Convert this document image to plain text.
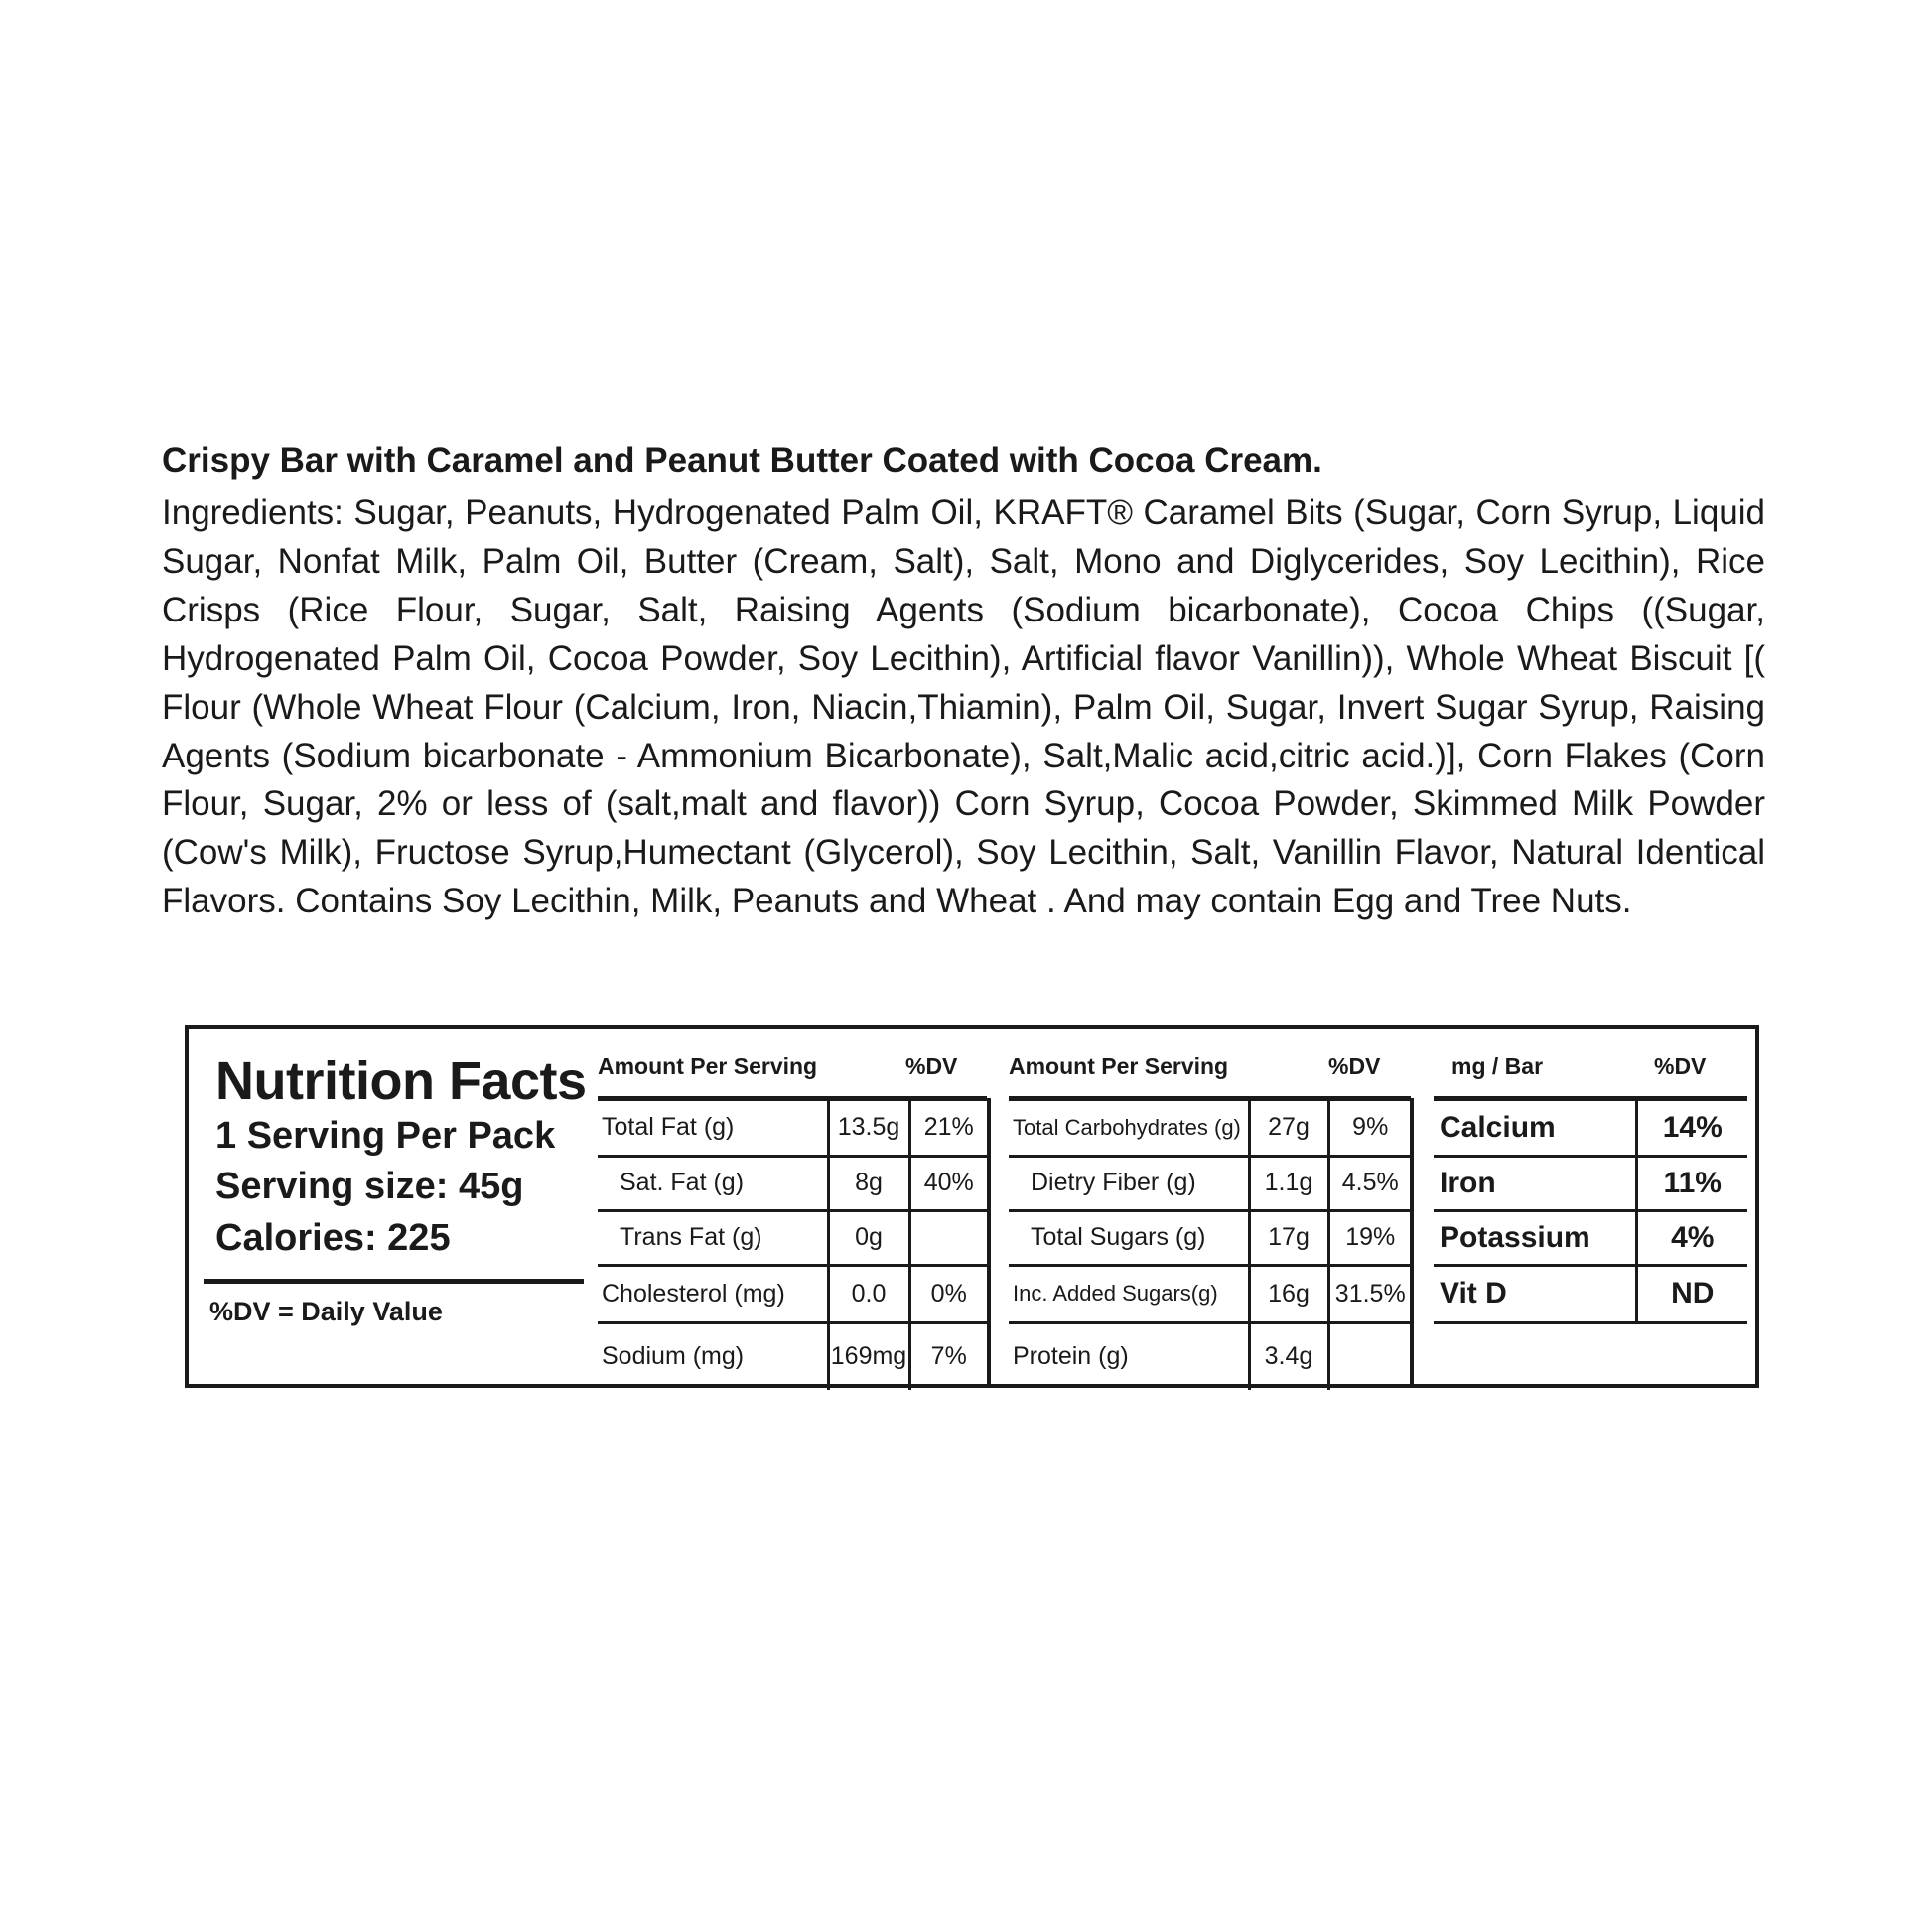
Crispy Bar with Caramel and Peanut Butter Coated with Cocoa Cream.
Ingredients: Sugar, Peanuts, Hydrogenated Palm Oil, KRAFT® Caramel Bits (Sugar, Corn Syrup, Liquid Sugar, Nonfat Milk, Palm Oil, Butter (Cream, Salt), Salt, Mono and Diglycerides, Soy Lecithin), Rice Crisps (Rice Flour, Sugar, Salt, Raising Agents (Sodium bicarbonate), Cocoa Chips ((Sugar, Hydrogenated Palm Oil, Cocoa Powder, Soy Lecithin), Artificial flavor Vanillin)), Whole Wheat Biscuit [( Flour (Whole Wheat Flour (Calcium, Iron, Niacin,Thiamin), Palm Oil, Sugar, Invert Sugar Syrup, Raising Agents (Sodium bicarbonate - Ammonium Bicarbonate), Salt,Malic acid,citric acid.)], Corn Flakes (Corn Flour, Sugar, 2% or less of (salt,malt and flavor)) Corn Syrup, Cocoa Powder, Skimmed Milk Powder (Cow's Milk), Fructose Syrup,Humectant (Glycerol), Soy Lecithin, Salt, Vanillin Flavor, Natural Identical Flavors. Contains Soy Lecithin, Milk, Peanuts and Wheat . And may contain Egg and Tree Nuts.
Nutrition Facts
1 Serving Per Pack
Serving size: 45g
Calories: 225
%DV = Daily Value
Amount Per Serving	%DV
Total Fat (g)	13.5g	21%
Sat. Fat (g)	8g	40%
Trans Fat (g)	0g	
Cholesterol (mg)	0.0	0%
Sodium (mg)	169mg	7%
Amount Per Serving	%DV
Total Carbohydrates (g)	27g	9%
Dietry Fiber (g)	1.1g	4.5%
Total Sugars (g)	17g	19%
Inc. Added Sugars(g)	16g	31.5%
Protein (g)	3.4g	
mg / Bar	%DV
Calcium	14%
Iron	11%
Potassium	4%
Vit D	ND
